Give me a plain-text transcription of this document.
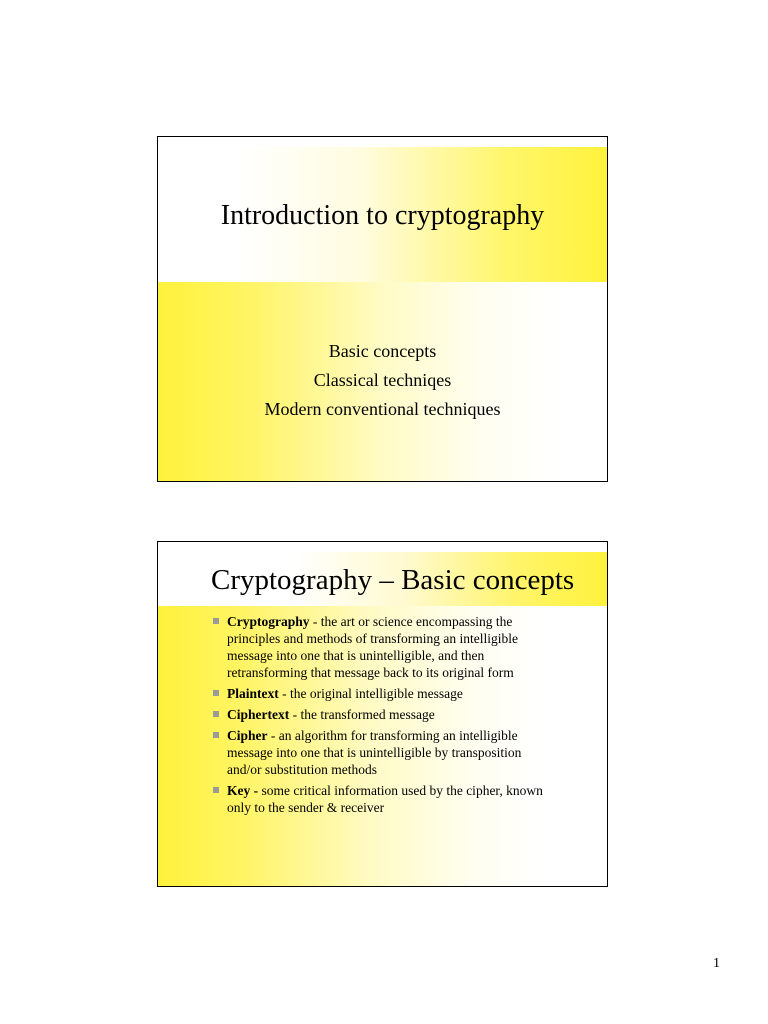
Introduction to cryptography
Basic concepts
Classical techniqes
Modern conventional techniques
Cryptography – Basic concepts
Cryptography - the art or science encompassing the principles and methods of transforming an intelligible message into one that is unintelligible, and then retransforming that message back to its original form
Plaintext - the original intelligible message
Ciphertext - the transformed message
Cipher - an algorithm for transforming an intelligible message into one that is unintelligible by transposition and/or substitution methods
Key - some critical information used by the cipher, known only to the sender & receiver
1
